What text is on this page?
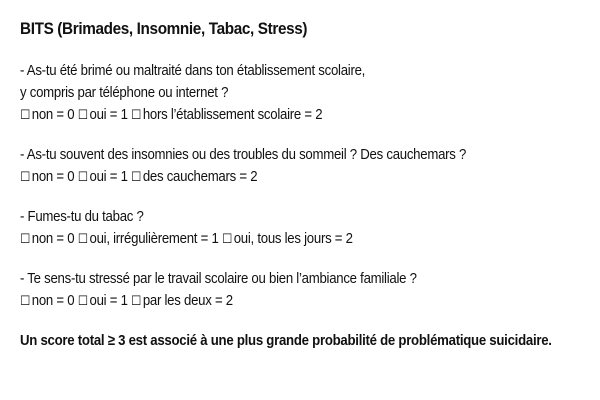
BITS (Brimades, Insomnie, Tabac, Stress)
- As-tu été brimé ou maltraité dans ton établissement scolaire,
y compris par téléphone ou internet ?
☐ non = 0 ☐ oui = 1 ☐ hors l’établissement scolaire = 2
- As-tu souvent des insomnies ou des troubles du sommeil ? Des cauchemars ?
☐ non = 0 ☐ oui = 1 ☐ des cauchemars = 2
- Fumes-tu du tabac ?
☐ non = 0 ☐ oui, irrégulièrement = 1 ☐ oui, tous les jours = 2
- Te sens-tu stressé par le travail scolaire ou bien l’ambiance familiale ?
☐ non = 0 ☐ oui = 1 ☐ par les deux = 2
Un score total ≥ 3 est associé à une plus grande probabilité de problématique suicidaire.
